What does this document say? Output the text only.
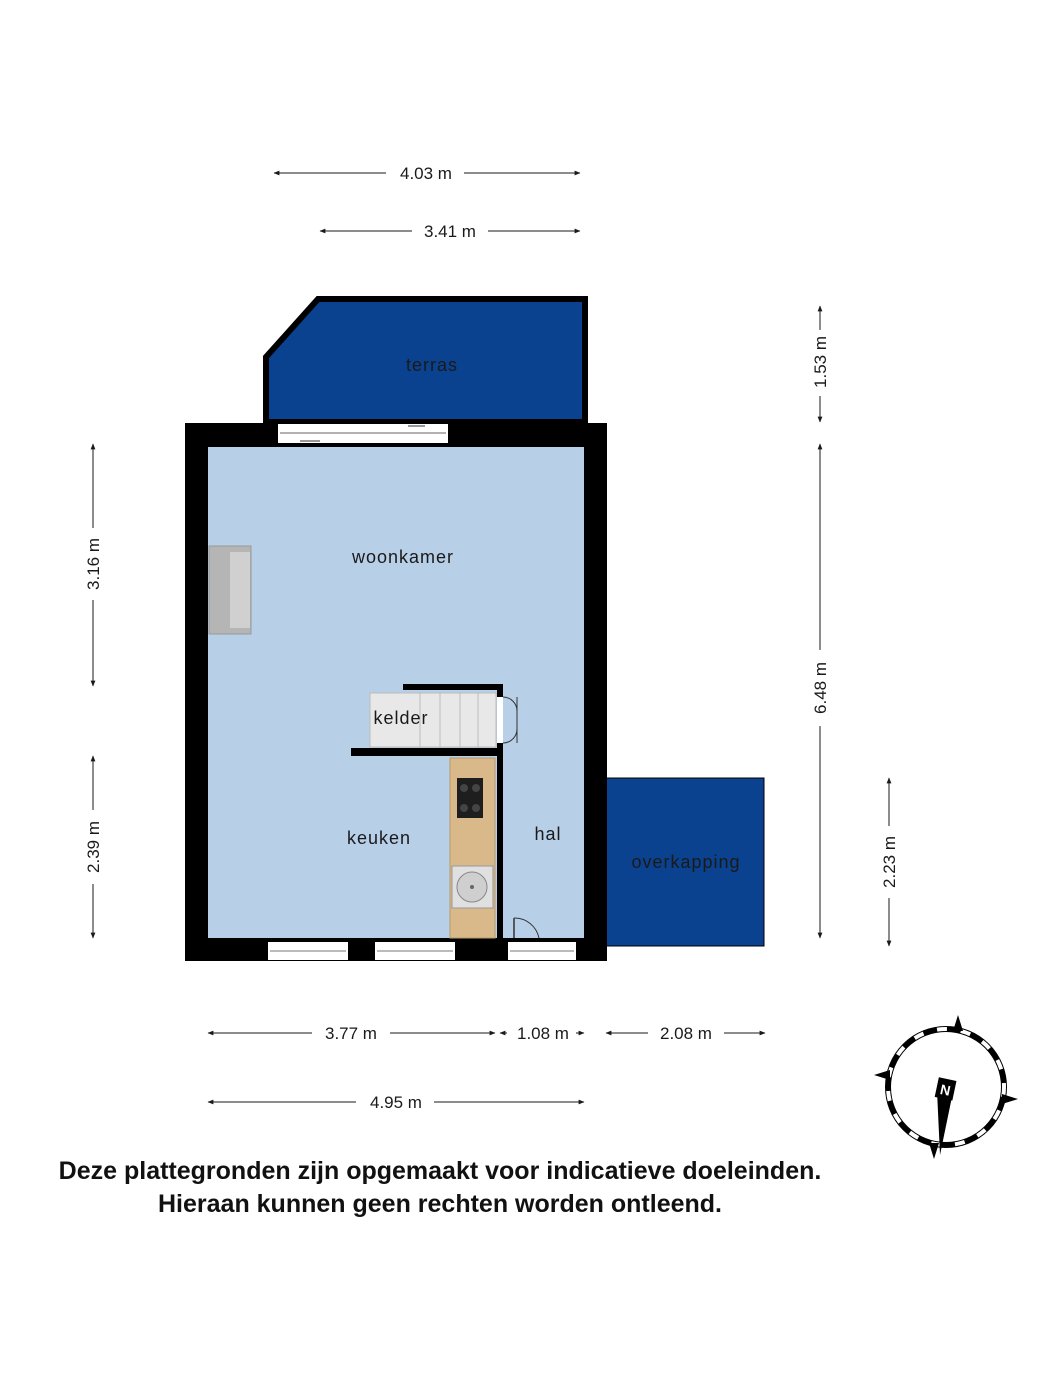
terras
woonkamer
kelder
keuken	hal
overkapping
4.03 m
3.41 m
1.53 m
6.48 m
2.23 m
3.16 m
2.39 m
3.77 m	1.08 m	2.08 m
4.95 m
N
Deze plattegronden zijn opgemaakt voor indicatieve doeleinden.
Hieraan kunnen geen rechten worden ontleend.
